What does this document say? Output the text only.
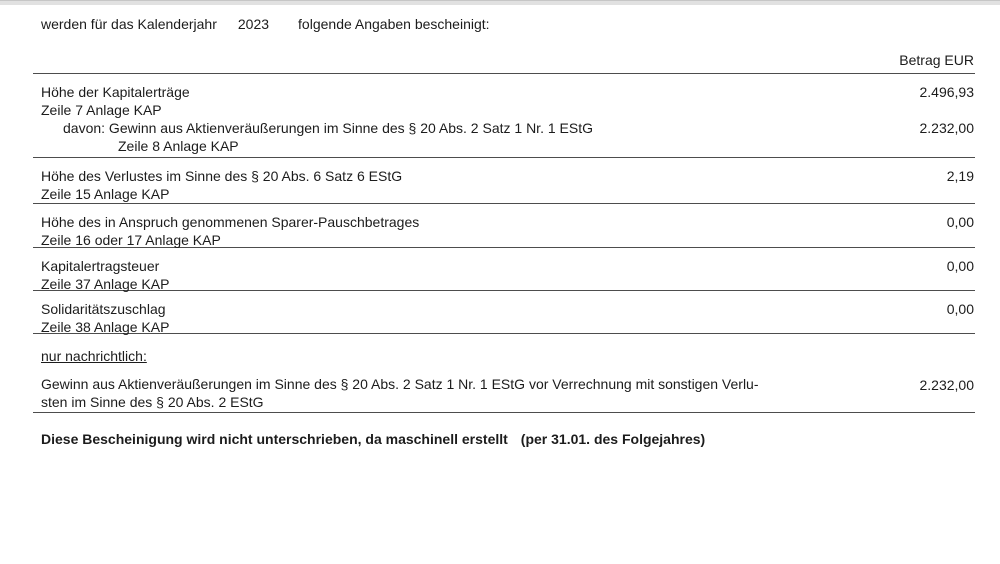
werden für das Kalenderjahr 2023 folgende Angaben bescheinigt:
Betrag EUR
Höhe der Kapitalerträge
Zeile 7 Anlage KAP
davon: Gewinn aus Aktienveräußerungen im Sinne des § 20 Abs. 2 Satz 1 Nr. 1 EStG
Zeile 8 Anlage KAP
2.496,93
2.232,00
Höhe des Verlustes im Sinne des § 20 Abs. 6 Satz 6 EStG
Zeile 15 Anlage KAP
2,19
Höhe des in Anspruch genommenen Sparer-Pauschbetrages
Zeile 16 oder 17 Anlage KAP
0,00
Kapitalertragsteuer
Zeile 37 Anlage KAP
0,00
Solidaritätszuschlag
Zeile 38 Anlage KAP
0,00
nur nachrichtlich:
Gewinn aus Aktienveräußerungen im Sinne des § 20 Abs. 2 Satz 1 Nr. 1 EStG vor Verrechnung mit sonstigen Verlu-
sten im Sinne des § 20 Abs. 2 EStG
2.232,00
Diese Bescheinigung wird nicht unterschrieben, da maschinell erstellt (per 31.01. des Folgejahres)
